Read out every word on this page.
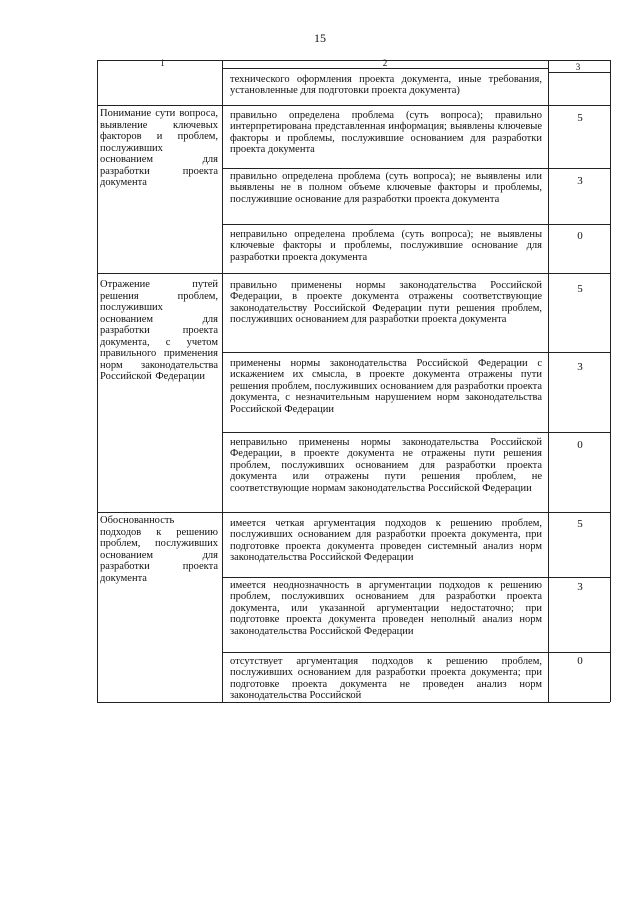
15
1	2	3
технического оформления проекта документа, иные требования, установленные для подготовки проекта документа)
Понимание сути вопроса, выявление ключевых факторов и проблем, послуживших основанием для разработки проекта документа
правильно определена проблема (суть вопроса); правильно интерпретирована представленная информация; выявлены ключевые факторы и проблемы, послужившие основанием для разработки проекта документа
5
правильно определена проблема (суть вопроса); не выявлены или выявлены не в полном объеме ключевые факторы и проблемы, послужившие основание для разработки проекта документа
3
неправильно определена проблема (суть вопроса); не выявлены ключевые факторы и проблемы, послужившие основание для разработки проекта документа
0
Отражение путей решения проблем, послуживших основанием для разработки проекта документа, с учетом правильного применения норм законодательства Российской Федерации
правильно применены нормы законодательства Российской Федерации, в проекте документа отражены соответствующие законодательству Российской Федерации пути решения проблем, послуживших основанием для разработки проекта документа
5
применены нормы законодательства Российской Федерации с искажением их смысла, в проекте документа отражены пути решения проблем, послуживших основанием для разработки проекта документа, с незначительным нарушением норм законодательства Российской Федерации
3
неправильно применены нормы законодательства Российской Федерации, в проекте документа не отражены пути решения проблем, послуживших основанием для разработки проекта документа или отражены пути решения проблем, не соответствующие нормам законодательства Российской Федерации
0
Обоснованность подходов к решению проблем, послуживших основанием для разработки проекта документа
имеется четкая аргументация подходов к решению проблем, послуживших основанием для разработки проекта документа, при подготовке проекта документа проведен системный анализ норм законодательства Российской Федерации
5
имеется неоднозначность в аргументации подходов к решению проблем, послуживших основанием для разработки проекта документа, или указанной аргументации недостаточно; при подготовке проекта документа проведен неполный анализ норм законодательства Российской Федерации
3
отсутствует аргументация подходов к решению проблем, послуживших основанием для разработки проекта документа; при подготовке проекта документа не проведен анализ норм законодательства Российской
0
